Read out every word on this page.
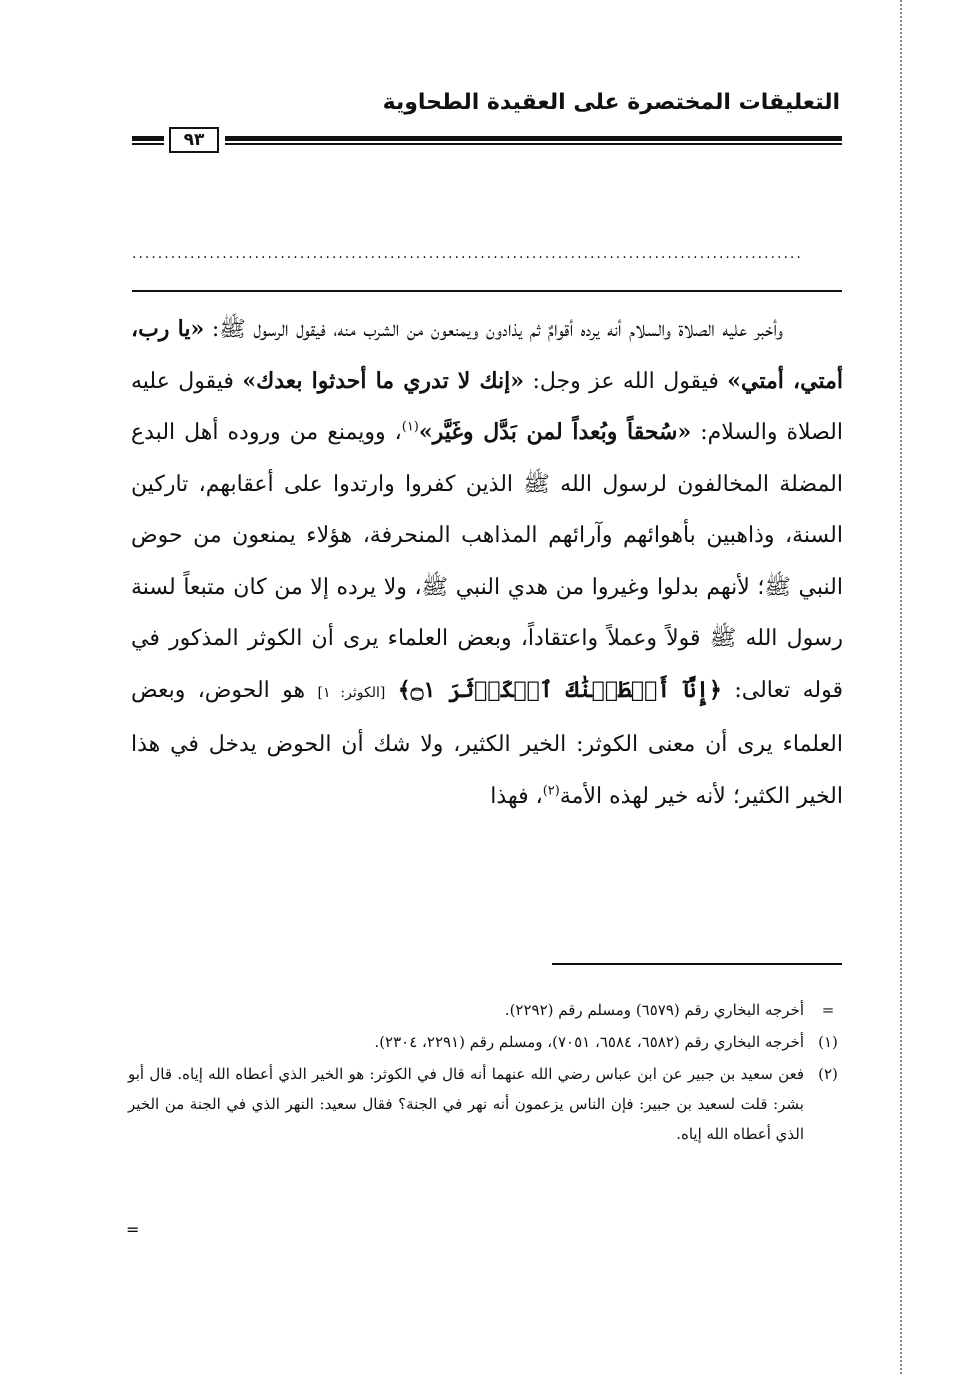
التعليقات المختصرة على العقيدة الطحاوية
٩٣
........................................................................................................

وأخبر عليه الصلاة والسلام أنه يرده أقوامٌ ثم يذادون ويمنعون من الشرب منه، فيقول الرسول ﷺ: «يا رب، أمتي، أمتي» فيقول الله عز وجل: «إنك لا تدري ما أحدثوا بعدك» فيقول عليه الصلاة والسلام: «سُحقاً وبُعداً لمن بَدَّل وغَيَّر»$^{(١)}$، وويمنع من وروده أهل البدع المضلة المخالفون لرسول الله ﷺ الذين كفروا وارتدوا على أعقابهم، تاركين السنة، وذاهبين بأهوائهم وآرائهم المذاهب المنحرفة، هؤلاء يمنعون من حوض النبي ﷺ؛ لأنهم بدلوا وغيروا من هدي النبي ﷺ، ولا يرده إلا من كان متبعاً لسنة رسول الله ﷺ قولاً وعملاً واعتقاداً، وبعض العلماء يرى أن الكوثر المذكور في قوله تعالى: ﴿إِنَّآ أَعۡطَيۡنَٰكَ ٱلۡكَوۡثَرَ ۝١﴾ [الكوثر: ١] هو الحوض، وبعض العلماء يرى أن معنى الكوثر: الخير الكثير، ولا شك أن الحوض يدخل في هذا الخير الكثير؛ لأنه خير لهذه الأمة$^{(٢)}$، فهذا

=
أخرجه البخاري رقم (٦٥٧٩) ومسلم رقم (٢٢٩٢).
(١)
أخرجه البخاري رقم (٦٥٨٢، ٦٥٨٤، ٧٠٥١)، ومسلم رقم (٢٢٩١، ٢٣٠٤).
(٢)
فعن سعيد بن جبير عن ابن عباس رضي الله عنهما أنه قال في الكوثر: هو الخير الذي أعطاه الله إياه. قال أبو بشر: قلت لسعيد بن جبير: فإن الناس يزعمون أنه نهر في الجنة؟ فقال سعيد: النهر الذي في الجنة من الخير الذي أعطاه الله إياه.
=
